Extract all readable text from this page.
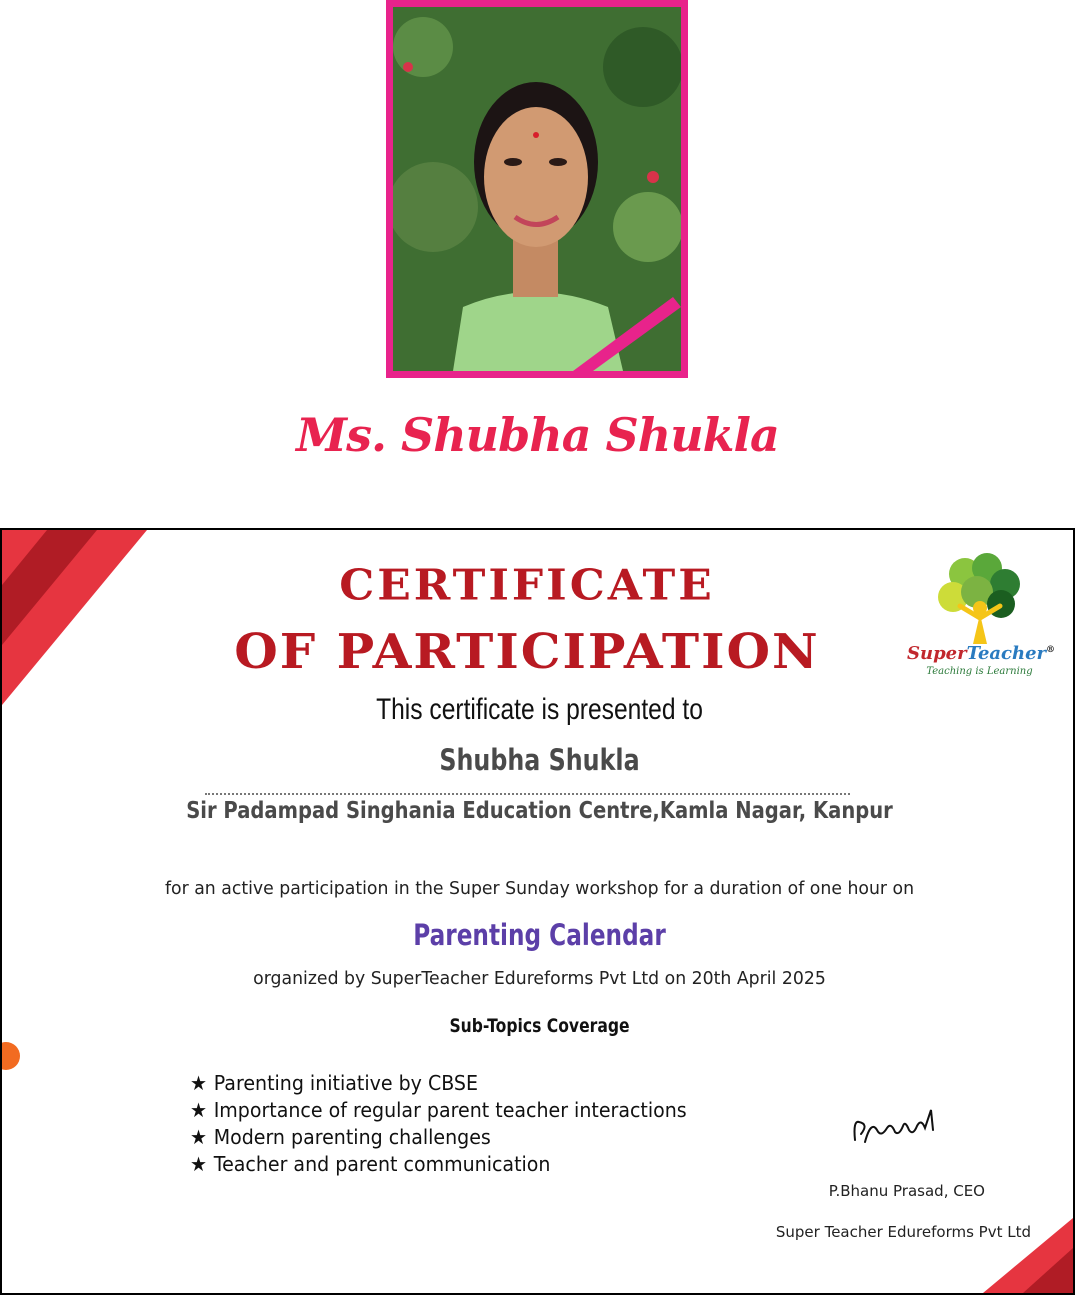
Ms. Shubha Shukla
CERTIFICATE
OF PARTICIPATION	SuperTeacher®
Teaching is Learning
This certificate is presented to
Shubha Shukla
Sir Padampad Singhania Education Centre,Kamla Nagar, Kanpur
for an active participation in the Super Sunday workshop for a duration of one hour on
Parenting Calendar
organized by SuperTeacher Edureforms Pvt Ltd on 20th April 2025
Sub-Topics Coverage
★ Parenting initiative by CBSE
★ Importance of regular parent teacher interactions
★ Modern parenting challenges
★ Teacher and parent communication
P.Bhanu Prasad, CEO
Super Teacher Edureforms Pvt Ltd
